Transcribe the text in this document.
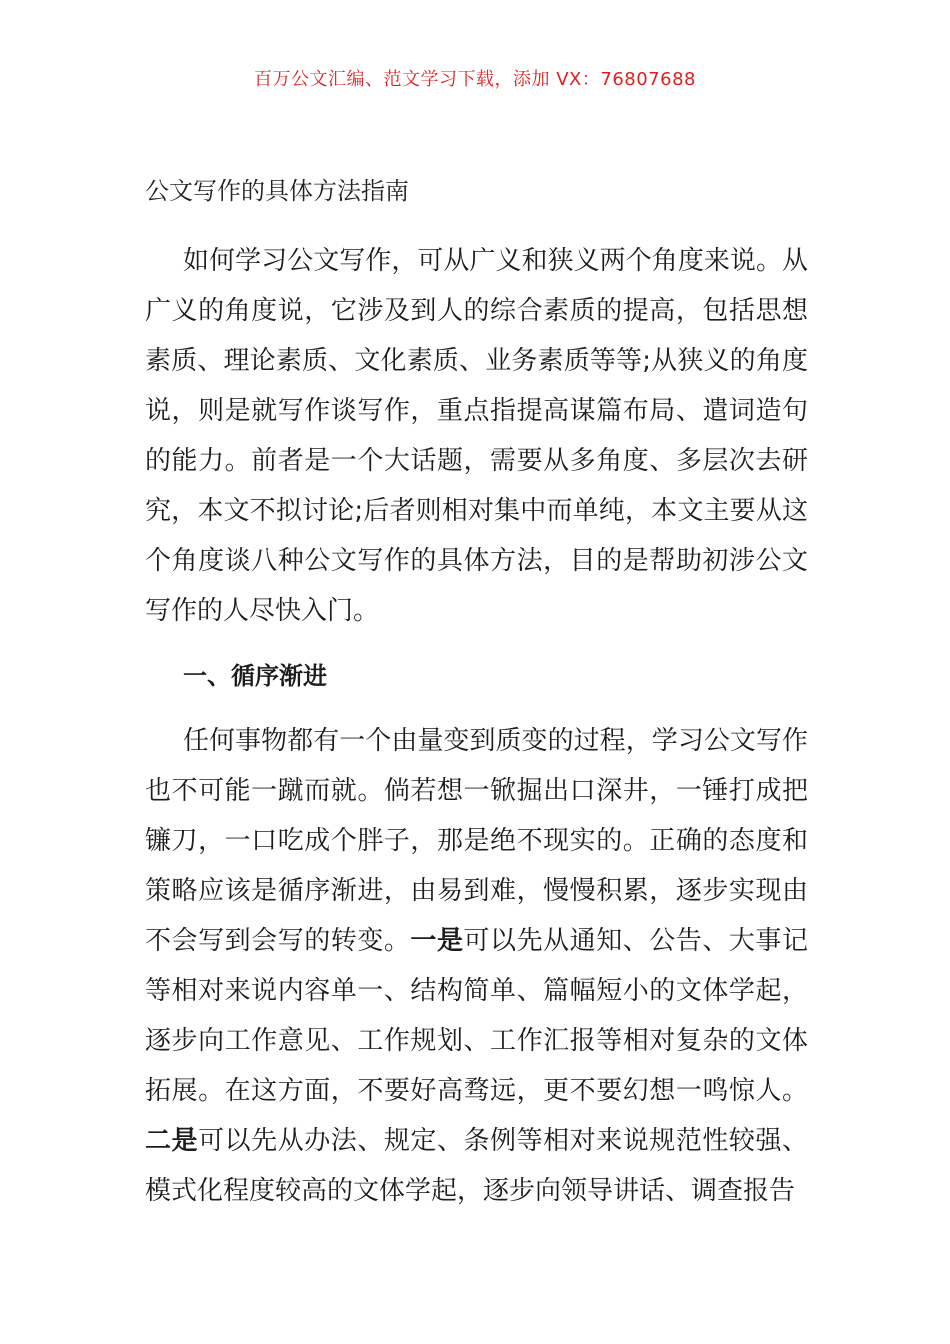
百万公文汇编、范文学习下载，添加 VX：76807688
公文写作的具体方法指南

如何学习公文写作，可从广义和狭义两个角度来说。从广义的角度说，它涉及到人的综合素质的提高，包括思想素质、理论素质、文化素质、业务素质等等;从狭义的角度说，则是就写作谈写作，重点指提高谋篇布局、遣词造句的能力。前者是一个大话题，需要从多角度、多层次去研究，本文不拟讨论;后者则相对集中而单纯，本文主要从这个角度谈八种公文写作的具体方法，目的是帮助初涉公文写作的人尽快入门。

一、循序渐进

任何事物都有一个由量变到质变的过程，学习公文写作也不可能一蹴而就。倘若想一锨掘出口深井，一锤打成把镰刀，一口吃成个胖子，那是绝不现实的。正确的态度和策略应该是循序渐进，由易到难，慢慢积累，逐步实现由不会写到会写的转变。一是可以先从通知、公告、大事记等相对来说内容单一、结构简单、篇幅短小的文体学起，逐步向工作意见、工作规划、工作汇报等相对复杂的文体拓展。在这方面，不要好高骛远，更不要幻想一鸣惊人。二是可以先从办法、规定、条例等相对来说规范性较强、模式化程度较高的文体学起，逐步向领导讲话、调查报告
